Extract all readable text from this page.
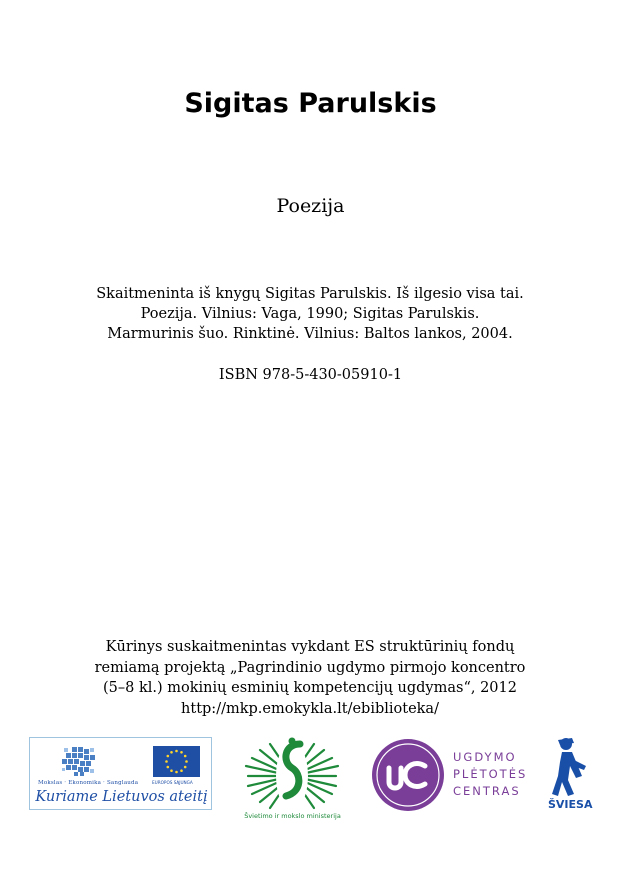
Sigitas Parulskis
Poezija
Skaitmeninta iš knygų Sigitas Parulskis. Iš ilgesio visa tai.
Poezija. Vilnius: Vaga, 1990; Sigitas Parulskis.
Marmurinis šuo. Rinktinė. Vilnius: Baltos lankos, 2004.
ISBN 978-5-430-05910-1
Kūrinys suskaitmenintas vykdant ES struktūrinių fondų
remiamą projektą „Pagrindinio ugdymo pirmojo koncentro
(5–8 kl.) mokinių esminių kompetencijų ugdymas“, 2012
http://mkp.emokykla.lt/ebiblioteka/
Mokslas · Ekonomika · Sanglauda	EUROPOS SĄJUNGA
Kuriame Lietuvos ateitį
Švietimo ir mokslo ministerija
UGDYMO
PLĖTOTĖS
CENTRAS
ŠVIESA
